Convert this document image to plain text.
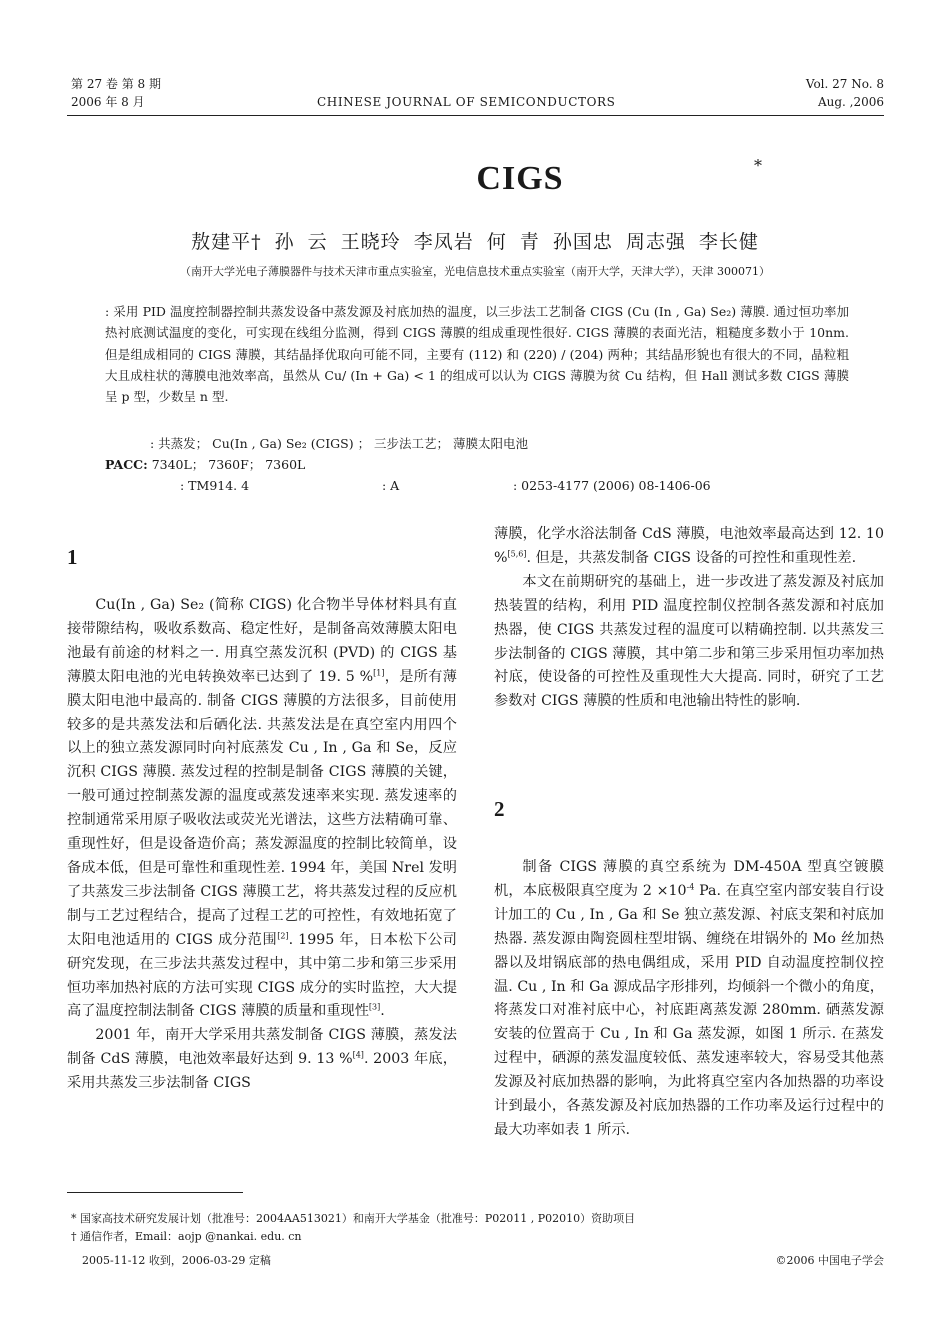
第 27 卷 第 8 期
2006 年 8 月	CHINESE JOURNAL OF SEMICONDUCTORS
Vol. 27 No. 8
Aug. ,2006
CIGS	*
敖建平† 孙 云 王晓玲 李凤岩 何 青 孙国忠 周志强 李长健
（南开大学光电子薄膜器件与技术天津市重点实验室，光电信息技术重点实验室（南开大学，天津大学），天津 300071）
: 采用 PID 温度控制器控制共蒸发设备中蒸发源及衬底加热的温度，以三步法工艺制备 CIGS (Cu (In , Ga) Se₂) 薄膜. 通过恒功率加热衬底测试温度的变化，可实现在线组分监测，得到 CIGS 薄膜的组成重现性很好. CIGS 薄膜的表面光洁，粗糙度多数小于 10nm. 但是组成相同的 CIGS 薄膜，其结晶择优取向可能不同，主要有 (112) 和 (220) / (204) 两种；其结晶形貌也有很大的不同，晶粒粗大且成柱状的薄膜电池效率高，虽然从 Cu/ (In + Ga) < 1 的组成可以认为 CIGS 薄膜为贫 Cu 结构，但 Hall 测试多数 CIGS 薄膜呈 p 型，少数呈 n 型.
: 共蒸发； Cu(In , Ga) Se₂ (CIGS) ； 三步法工艺； 薄膜太阳电池
PACC: 7340L； 7360F； 7360L
: TM914. 4	: A	: 0253-4177 (2006) 08-1406-06
1

Cu(In , Ga) Se₂ (简称 CIGS) 化合物半导体材料具有直接带隙结构，吸收系数高、稳定性好，是制备高效薄膜太阳电池最有前途的材料之一. 用真空蒸发沉积 (PVD) 的 CIGS 基薄膜太阳电池的光电转换效率已达到了 19. 5 %[1]，是所有薄膜太阳电池中最高的. 制备 CIGS 薄膜的方法很多，目前使用较多的是共蒸发法和后硒化法. 共蒸发法是在真空室内用四个以上的独立蒸发源同时向衬底蒸发 Cu , In , Ga 和 Se，反应沉积 CIGS 薄膜. 蒸发过程的控制是制备 CIGS 薄膜的关键，一般可通过控制蒸发源的温度或蒸发速率来实现. 蒸发速率的控制通常采用原子吸收法或荧光光谱法，这些方法精确可靠、重现性好，但是设备造价高；蒸发源温度的控制比较简单，设备成本低，但是可靠性和重现性差. 1994 年，美国 Nrel 发明了共蒸发三步法制备 CIGS 薄膜工艺，将共蒸发过程的反应机制与工艺过程结合，提高了过程工艺的可控性，有效地拓宽了太阳电池适用的 CIGS 成分范围[2]. 1995 年，日本松下公司研究发现，在三步法共蒸发过程中，其中第二步和第三步采用恒功率加热衬底的方法可实现 CIGS 成分的实时监控，大大提高了温度控制法制备 CIGS 薄膜的质量和重现性[3].

2001 年，南开大学采用共蒸发制备 CIGS 薄膜，蒸发法制备 CdS 薄膜，电池效率最好达到 9. 13 %[4]. 2003 年底，采用共蒸发三步法制备 CIGS

薄膜，化学水浴法制备 CdS 薄膜，电池效率最高达到 12. 10 %[5,6]. 但是，共蒸发制备 CIGS 设备的可控性和重现性差.

本文在前期研究的基础上，进一步改进了蒸发源及衬底加热装置的结构，利用 PID 温度控制仪控制各蒸发源和衬底加热器，使 CIGS 共蒸发过程的温度可以精确控制. 以共蒸发三步法制备的 CIGS 薄膜，其中第二步和第三步采用恒功率加热衬底，使设备的可控性及重现性大大提高. 同时，研究了工艺参数对 CIGS 薄膜的性质和电池输出特性的影响.

2

制备 CIGS 薄膜的真空系统为 DM-450A 型真空镀膜机，本底极限真空度为 $2 \times 10^{-4}$ Pa. 在真空室内部安装自行设计加工的 Cu , In , Ga 和 Se 独立蒸发源、衬底支架和衬底加热器. 蒸发源由陶瓷圆柱型坩锅、缠绕在坩锅外的 Mo 丝加热器以及坩锅底部的热电偶组成，采用 PID 自动温度控制仪控温. Cu , In 和 Ga 源成品字形排列，均倾斜一个微小的角度，将蒸发口对准衬底中心，衬底距离蒸发源 280mm. 硒蒸发源安装的位置高于 Cu , In 和 Ga 蒸发源，如图 1 所示. 在蒸发过程中，硒源的蒸发温度较低、蒸发速率较大，容易受其他蒸发源及衬底加热器的影响，为此将真空室内各加热器的功率设计到最小，各蒸发源及衬底加热器的工作功率及运行过程中的最大功率如表 1 所示.

* 国家高技术研究发展计划（批准号：2004AA513021）和南开大学基金（批准号：P02011 , P02010）资助项目
† 通信作者，Email：aojp @nankai. edu. cn
2005-11-12 收到，2006-03-29 定稿	©2006 中国电子学会
